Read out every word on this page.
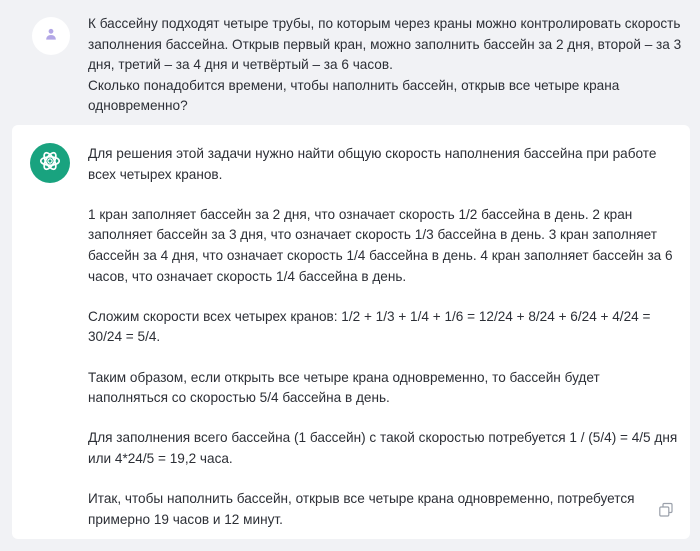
К бассейну подходят четыре трубы, по которым через краны можно контролировать скорость заполнения бассейна. Открыв первый кран, можно заполнить бассейн за 2 дня, второй – за 3 дня, третий – за 4 дня и четвёртый – за 6 часов.
Сколько понадобится времени, чтобы наполнить бассейн, открыв все четыре крана одновременно?

Для решения этой задачи нужно найти общую скорость наполнения бассейна при работе всех четырех кранов.

1 кран заполняет бассейн за 2 дня, что означает скорость 1/2 бассейна в день. 2 кран заполняет бассейн за 3 дня, что означает скорость 1/3 бассейна в день. 3 кран заполняет бассейн за 4 дня, что означает скорость 1/4 бассейна в день. 4 кран заполняет бассейн за 6 часов, что означает скорость 1/4 бассейна в день.

Сложим скорости всех четырех кранов: 1/2 + 1/3 + 1/4 + 1/6 = 12/24 + 8/24 + 6/24 + 4/24 = 30/24 = 5/4.

Таким образом, если открыть все четыре крана одновременно, то бассейн будет наполняться со скоростью 5/4 бассейна в день.

Для заполнения всего бассейна (1 бассейн) с такой скоростью потребуется 1 / (5/4) = 4/5 дня или 4*24/5 = 19,2 часа.

Итак, чтобы наполнить бассейн, открыв все четыре крана одновременно, потребуется примерно 19 часов и 12 минут.
